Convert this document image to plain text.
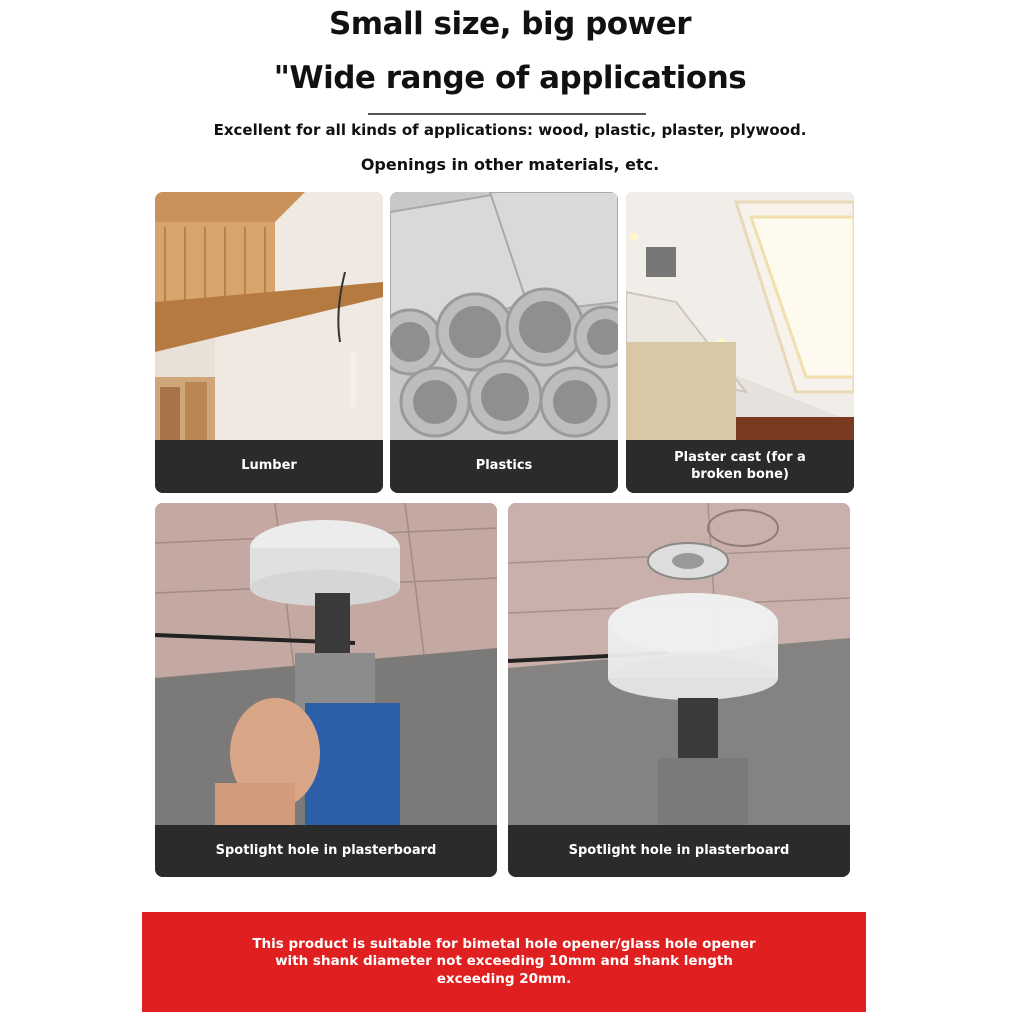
Small size, big power
"Wide range of applications
Excellent for all kinds of applications: wood, plastic, plaster, plywood.
Openings in other materials, etc.
Lumber	Plastics
Plaster cast (for a broken bone)
Spotlight hole in plasterboard	Spotlight hole in plasterboard
This product is suitable for bimetal hole opener/glass hole opener with shank diameter not exceeding 10mm and shank length exceeding 20mm.
